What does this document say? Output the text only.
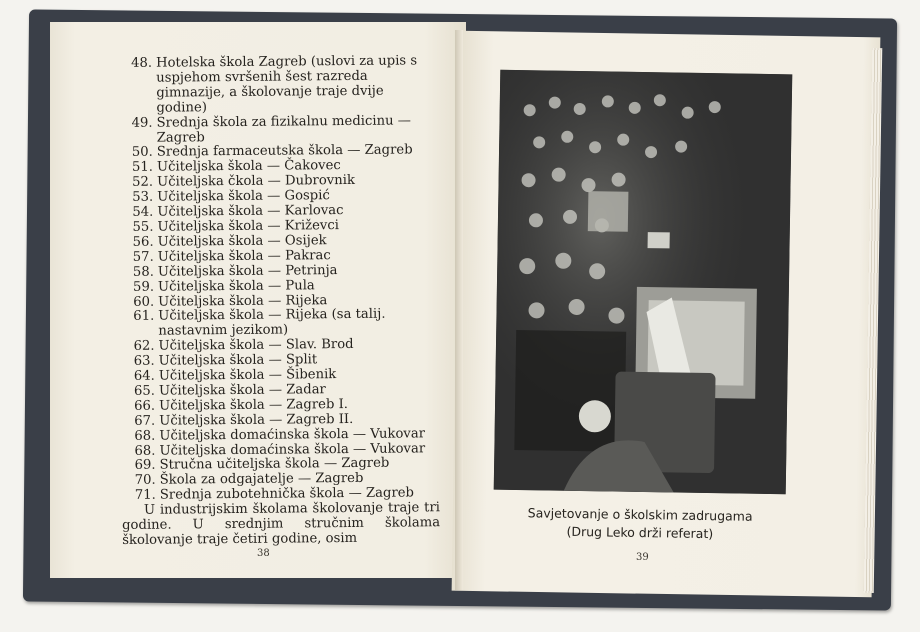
48. Hotelska škola Zagreb (uslovi za upis s uspjehom svršenih šest razreda gimnazije, a školovanje traje dvije godine)
49. Srednja škola za fizikalnu medicinu — Zagreb
50. Srednja farmaceutska škola — Zagreb
51. Učiteljska škola — Čakovec
52. Učiteljska čkola — Dubrovnik
53. Učiteljska škola — Gospić
54. Učiteljska škola — Karlovac
55. Učiteljska škola — Križevci
56. Učiteljska škola — Osijek
57. Učiteljska škola — Pakrac
58. Učiteljska škola — Petrinja
59. Učiteljska škola — Pula
60. Učiteljska škola — Rijeka
61. Učiteljska škola — Rijeka (sa talij. nastavnim jezikom)
62. Učiteljska škola — Slav. Brod
63. Učiteljska škola — Split
64. Učiteljska škola — Šibenik
65. Učiteljska škola — Zadar
66. Učiteljska škola — Zagreb I.
67. Učiteljska škola — Zagreb II.
68. Učiteljska domaćinska škola — Vukovar
68. Učiteljska domaćinska škola — Vukovar
69. Stručna učiteljska škola — Zagreb
70. Škola za odgajatelje — Zagreb
71. Srednja zubotehnička škola — Zagreb
U industrijskim školama školovanje traje tri godine. U srednjim stručnim školama školovanje traje četiri godine, osim
38
Savjetovanje o školskim zadrugama
(Drug Leko drži referat)
39
